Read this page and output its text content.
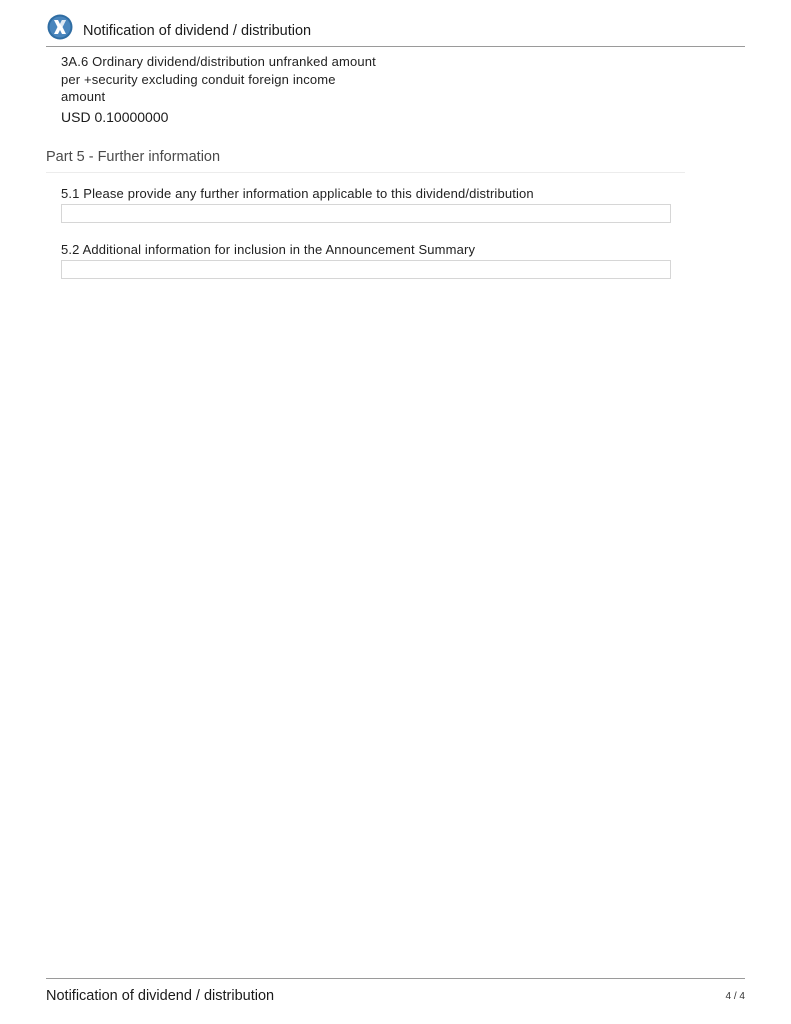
Notification of dividend / distribution
3A.6 Ordinary dividend/distribution unfranked amount per +security excluding conduit foreign income amount
USD 0.10000000
Part 5 - Further information
5.1 Please provide any further information applicable to this dividend/distribution
5.2 Additional information for inclusion in the Announcement Summary
Notification of dividend / distribution	4 / 4
